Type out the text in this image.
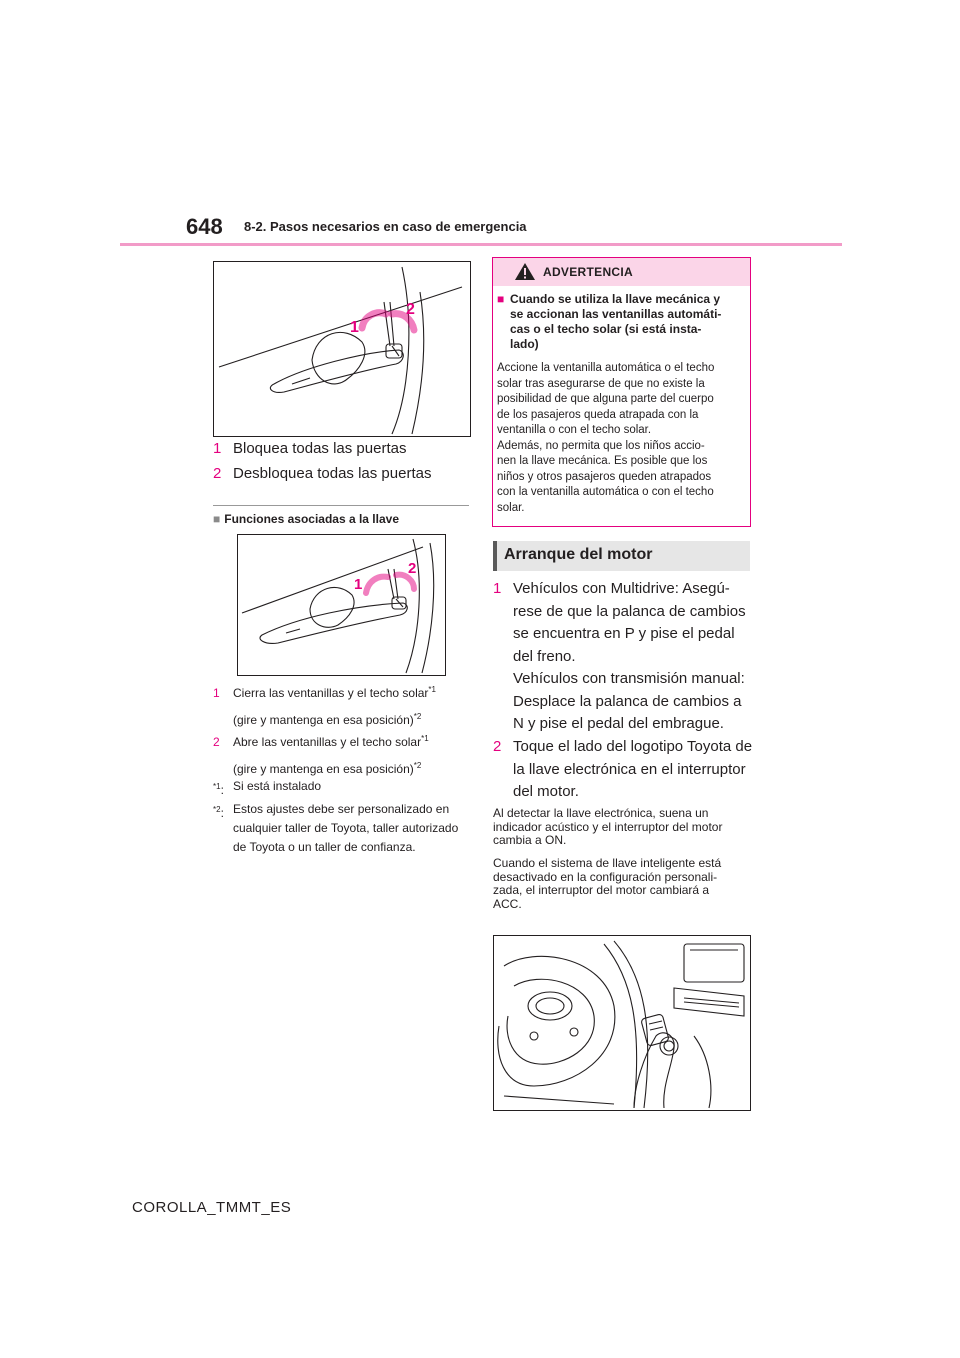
648 8-2. Pasos necesarios en caso de emergencia
1
2
1 Bloquea todas las puertas
2 Desbloquea todas las puertas
■ Funciones asociadas a la llave
1
2
1 Cierra las ventanillas y el techo solar$^{*1}$
(gire y mantenga en esa posición)$^{*2}$
2 Abre las ventanillas y el techo solar$^{*1}$
(gire y mantenga en esa posición)$^{*2}$
$^{*1}$: Si está instalado
$^{*2}$: Estos ajustes debe ser personalizado en cualquier taller de Toyota, taller autorizado de Toyota o un taller de confianza.
ADVERTENCIA
■ Cuando se utiliza la llave mecánica y
se accionan las ventanillas automáti-
cas o el techo solar (si está insta-
lado)
Accione la ventanilla automática o el techo
solar tras asegurarse de que no existe la
posibilidad de que alguna parte del cuerpo
de los pasajeros queda atrapada con la
ventanilla o con el techo solar.
Además, no permita que los niños accio-
nen la llave mecánica. Es posible que los
niños y otros pasajeros queden atrapados
con la ventanilla automática o con el techo
solar.
Arranque del motor
1 Vehículos con Multidrive: Asegú-
rese de que la palanca de cambios
se encuentra en P y pise el pedal
del freno.
Vehículos con transmisión manual:
Desplace la palanca de cambios a
N y pise el pedal del embrague.
2 Toque el lado del logotipo Toyota de
la llave electrónica en el interruptor
del motor.
Al detectar la llave electrónica, suena un
indicador acústico y el interruptor del motor
cambia a ON.
Cuando el sistema de llave inteligente está
desactivado en la configuración personali-
zada, el interruptor del motor cambiará a
ACC.
COROLLA_TMMT_ES
